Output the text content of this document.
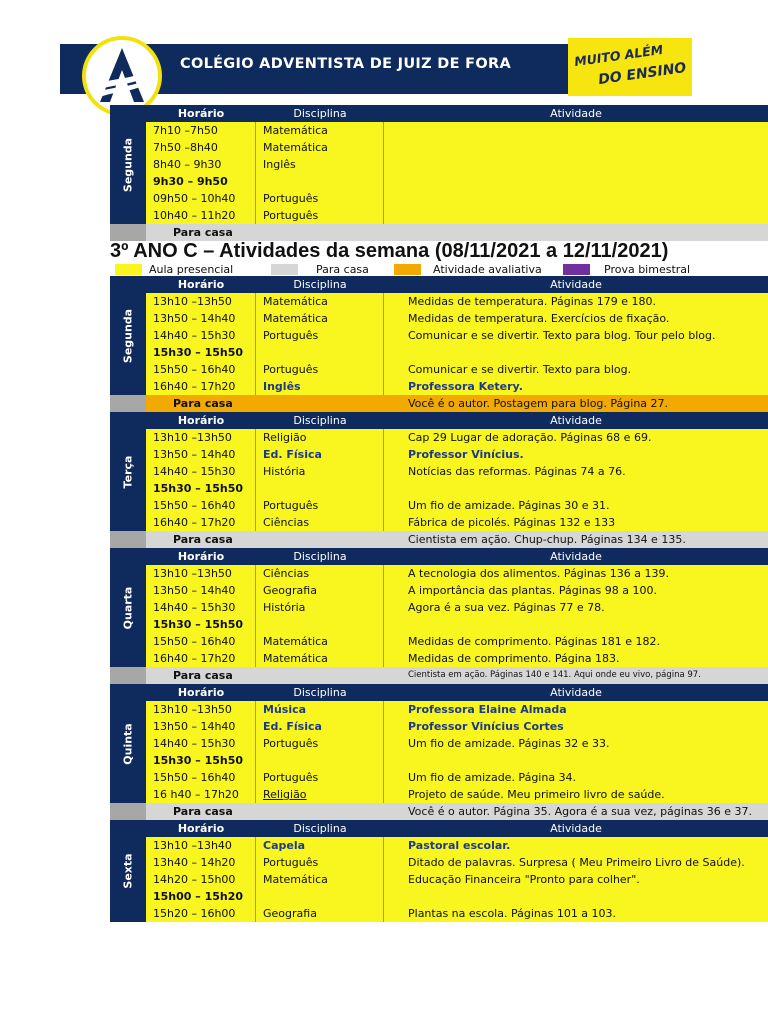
COLÉGIO ADVENTISTA DE JUIZ DE FORA	MUITO ALÉM
DO ENSINO
Segunda
Horário	Disciplina	Atividade
7h10 –7h50	Matemática
7h50 –8h40	Matemática
8h40 – 9h30	Inglês
9h30 – 9h50
09h50 – 10h40	Português
10h40 – 11h20	Português
Para casa
3º ANO C – Atividades da semana (08/11/2021 a 12/11/2021)
Aula presencial	Para casa	Atividade avaliativa	Prova bimestral
Segunda
Horário	Disciplina	Atividade
13h10 –13h50	Matemática	Medidas de temperatura. Páginas 179 e 180.
13h50 – 14h40	Matemática	Medidas de temperatura. Exercícios de fixação.
14h40 – 15h30	Português	Comunicar e se divertir. Texto para blog. Tour pelo blog.
15h30 – 15h50
15h50 – 16h40	Português	Comunicar e se divertir. Texto para blog.
16h40 – 17h20	Inglês	Professora Ketery.
Para casa	Você é o autor. Postagem para blog. Página 27.
Terça
Horário	Disciplina	Atividade
13h10 –13h50	Religião	Cap 29 Lugar de adoração. Páginas 68 e 69.
13h50 – 14h40	Ed. Física	Professor Vinícius.
14h40 – 15h30	História	Notícias das reformas. Páginas 74 a 76.
15h30 – 15h50
15h50 – 16h40	Português	Um fio de amizade. Páginas 30 e 31.
16h40 – 17h20	Ciências	Fábrica de picolés. Páginas 132 e 133
Para casa	Cientista em ação. Chup-chup. Páginas 134 e 135.
Quarta
Horário	Disciplina	Atividade
13h10 –13h50	Ciências	A tecnologia dos alimentos. Páginas 136 a 139.
13h50 – 14h40	Geografia	A importância das plantas. Páginas 98 a 100.
14h40 – 15h30	História	Agora é a sua vez. Páginas 77 e 78.
15h30 – 15h50
15h50 – 16h40	Matemática	Medidas de comprimento. Páginas 181 e 182.
16h40 – 17h20	Matemática	Medidas de comprimento. Página 183.
Para casa	Cientista em ação. Páginas 140 e 141. Aqui onde eu vivo, página 97.
Quinta
Horário	Disciplina	Atividade
13h10 –13h50	Música	Professora Elaine Almada
13h50 – 14h40	Ed. Física	Professor Vinícius Cortes
14h40 – 15h30	Português	Um fio de amizade. Páginas 32 e 33.
15h30 – 15h50
15h50 – 16h40	Português	Um fio de amizade. Página 34.
16 h40 – 17h20	Religião	Projeto de saúde. Meu primeiro livro de saúde.
Para casa	Você é o autor. Página 35. Agora é a sua vez, páginas 36 e 37.
Sexta
Horário	Disciplina	Atividade
13h10 –13h40	Capela	Pastoral escolar.
13h40 – 14h20	Português	Ditado de palavras. Surpresa ( Meu Primeiro Livro de Saúde).
14h20 – 15h00	Matemática	Educação Financeira "Pronto para colher".
15h00 – 15h20
15h20 – 16h00	Geografia	Plantas na escola. Páginas 101 a 103.
